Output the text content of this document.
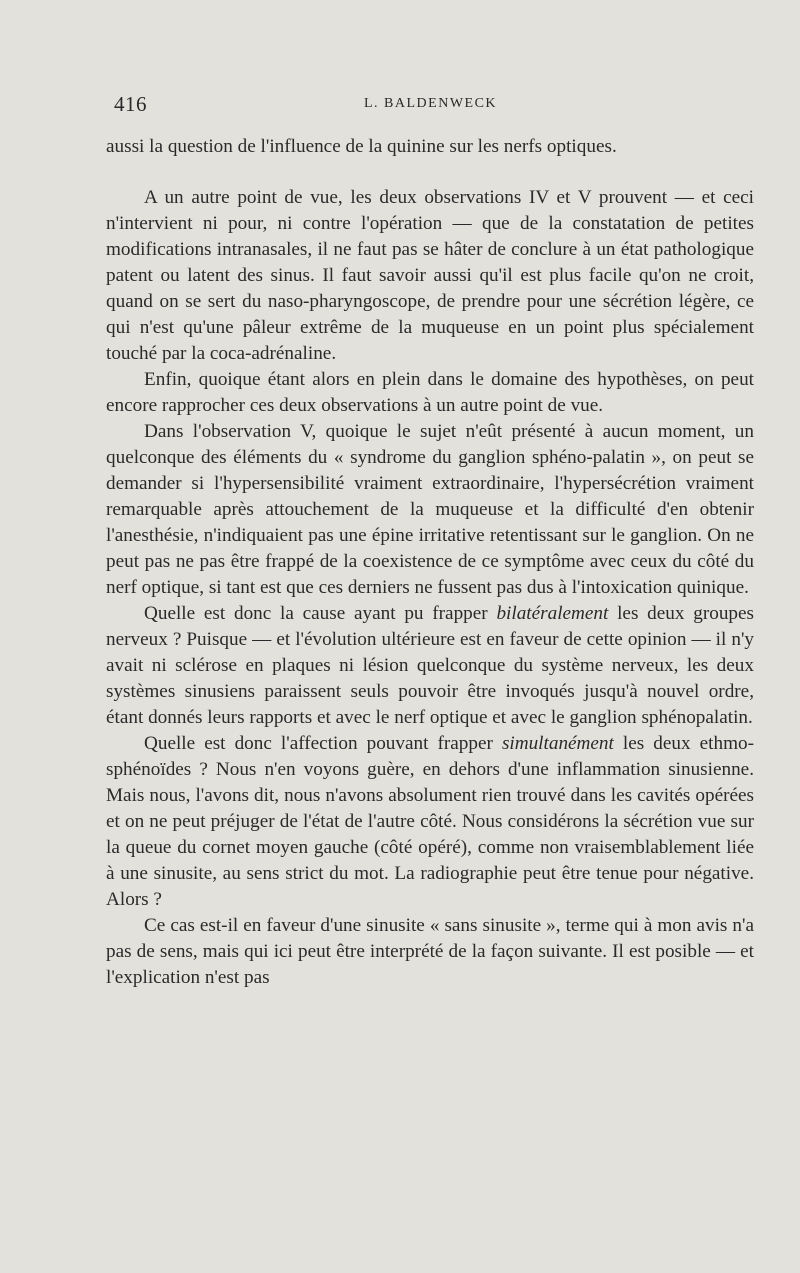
416	L. BALDENWECK

aussi la question de l'influence de la quinine sur les nerfs optiques.

A un autre point de vue, les deux observations IV et V prouvent — et ceci n'intervient ni pour, ni contre l'opération — que de la constatation de petites modifications intranasales, il ne faut pas se hâter de conclure à un état pathologique patent ou latent des sinus. Il faut savoir aussi qu'il est plus facile qu'on ne croit, quand on se sert du naso-pharyngoscope, de prendre pour une sécrétion légère, ce qui n'est qu'une pâleur extrême de la muqueuse en un point plus spécialement touché par la coca-adrénaline.

Enfin, quoique étant alors en plein dans le domaine des hypothèses, on peut encore rapprocher ces deux observations à un autre point de vue.

Dans l'observation V, quoique le sujet n'eût présenté à aucun moment, un quelconque des éléments du « syndrome du ganglion sphéno-palatin », on peut se demander si l'hypersensibilité vraiment extraordinaire, l'hypersécrétion vraiment remarquable après attouchement de la muqueuse et la difficulté d'en obtenir l'anesthésie, n'indiquaient pas une épine irritative retentissant sur le ganglion. On ne peut pas ne pas être frappé de la coexistence de ce symptôme avec ceux du côté du nerf optique, si tant est que ces derniers ne fussent pas dus à l'intoxication quinique.

Quelle est donc la cause ayant pu frapper bilatéralement les deux groupes nerveux ? Puisque — et l'évolution ultérieure est en faveur de cette opinion — il n'y avait ni sclérose en plaques ni lésion quelconque du système nerveux, les deux systèmes sinusiens paraissent seuls pouvoir être invoqués jusqu'à nouvel ordre, étant donnés leurs rapports et avec le nerf optique et avec le ganglion sphénopalatin.

Quelle est donc l'affection pouvant frapper simultanément les deux ethmo-sphénoïdes ? Nous n'en voyons guère, en dehors d'une inflammation sinusienne. Mais nous, l'avons dit, nous n'avons absolument rien trouvé dans les cavités opérées et on ne peut préjuger de l'état de l'autre côté. Nous considérons la sécrétion vue sur la queue du cornet moyen gauche (côté opéré), comme non vraisemblablement liée à une sinusite, au sens strict du mot. La radiographie peut être tenue pour négative. Alors ?

Ce cas est-il en faveur d'une sinusite « sans sinusite », terme qui à mon avis n'a pas de sens, mais qui ici peut être interprété de la façon suivante. Il est posible — et l'explication n'est pas
